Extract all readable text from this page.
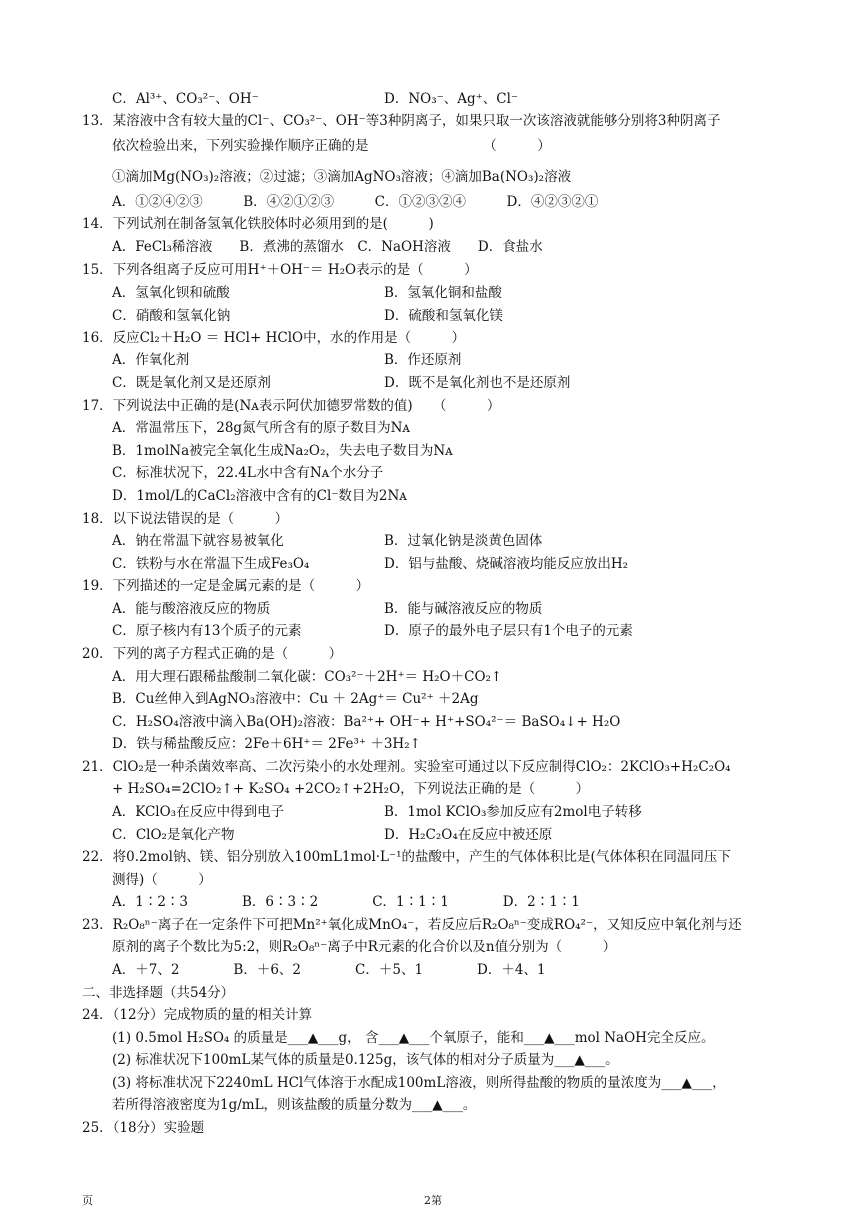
C．Al³⁺、CO₃²⁻、OH⁻	D．NO₃⁻、Ag⁺、Cl⁻
13．某溶液中含有较大量的Cl⁻、CO₃²⁻、OH⁻等3种阴离子，如果只取一次该溶液就能够分别将3种阴离子
依次检验出来，下列实验操作顺序正确的是　　　　　　　　　（　　　）
①滴加Mg(NO₃)₂溶液；②过滤；③滴加AgNO₃溶液；④滴加Ba(NO₃)₂溶液
A．①②④②③　　　B．④②①②③　　　C．①②③②④　　　D．④②③②①
14．下列试剂在制备氢氧化铁胶体时必须用到的是(　　　)
A．FeCl₃稀溶液　　B．煮沸的蒸馏水　C．NaOH溶液　　D．食盐水
15．下列各组离子反应可用H⁺＋OH⁻＝ H₂O表示的是（　　　）
A．氢氧化钡和硫酸	B．氢氧化铜和盐酸
C．硝酸和氢氧化钠	D．硫酸和氢氧化镁
16．反应Cl₂＋H₂O ＝ HCl+ HClO中，水的作用是（　　　）
A．作氧化剂	B．作还原剂
C．既是氧化剂又是还原剂	D．既不是氧化剂也不是还原剂
17．下列说法中正确的是(Nᴀ表示阿伏加德罗常数的值)　　（　　　）
A．常温常压下，28g氮气所含有的原子数目为Nᴀ
B．1molNa被完全氧化生成Na₂O₂，失去电子数目为Nᴀ
C．标准状况下，22.4L水中含有Nᴀ个水分子
D．1mol/L的CaCl₂溶液中含有的Cl⁻数目为2Nᴀ
18．以下说法错误的是（　　　）
A．钠在常温下就容易被氧化	B．过氧化钠是淡黄色固体
C．铁粉与水在常温下生成Fe₃O₄	D．铝与盐酸、烧碱溶液均能反应放出H₂
19．下列描述的一定是金属元素的是（　　　）
A．能与酸溶液反应的物质	B．能与碱溶液反应的物质
C．原子核内有13个质子的元素	D．原子的最外电子层只有1个电子的元素
20．下列的离子方程式正确的是（　　　）
A．用大理石跟稀盐酸制二氧化碳：CO₃²⁻＋2H⁺＝ H₂O＋CO₂↑
B．Cu丝伸入到AgNO₃溶液中：Cu ＋ 2Ag⁺＝ Cu²⁺ ＋2Ag
C．H₂SO₄溶液中滴入Ba(OH)₂溶液：Ba²⁺+ OH⁻+ H⁺+SO₄²⁻＝ BaSO₄↓+ H₂O
D．铁与稀盐酸反应：2Fe＋6H⁺＝ 2Fe³⁺ ＋3H₂↑
21．ClO₂是一种杀菌效率高、二次污染小的水处理剂。实验室可通过以下反应制得ClO₂：2KClO₃+H₂C₂O₄
+ H₂SO₄=2ClO₂↑+ K₂SO₄ +2CO₂↑+2H₂O，下列说法正确的是（　　　）
A．KClO₃在反应中得到电子	B．1mol KClO₃参加反应有2mol电子转移
C．ClO₂是氧化产物	D．H₂C₂O₄在反应中被还原
22．将0.2mol钠、镁、铝分别放入100mL1mol·L⁻¹的盐酸中，产生的气体体积比是(气体体积在同温同压下
测得)（　　　）
A．1∶2∶3　　　　B．6∶3∶2　　　　C．1∶1∶1　　　　D．2∶1∶1
23．R₂O₈ⁿ⁻离子在一定条件下可把Mn²⁺氧化成MnO₄⁻，若反应后R₂O₈ⁿ⁻变成RO₄²⁻，又知反应中氧化剂与还
原剂的离子个数比为5:2，则R₂O₈ⁿ⁻离子中R元素的化合价以及n值分别为（　　　）
A．＋7、2　　　　B．＋6、2　　　　C．＋5、1　　　　D．＋4、1
二、非选择题（共54分）
24．（12分）完成物质的量的相关计算
(1) 0.5mol H₂SO₄ 的质量是___▲___g， 含___▲___个氧原子，能和___▲___mol NaOH完全反应。
(2) 标准状况下100mL某气体的质量是0.125g，该气体的相对分子质量为___▲___。
(3) 将标准状况下2240mL HCl气体溶于水配成100mL溶液，则所得盐酸的物质的量浓度为___▲___，
若所得溶液密度为1g/mL，则该盐酸的质量分数为___▲___。
25．（18分）实验题
页	2第
